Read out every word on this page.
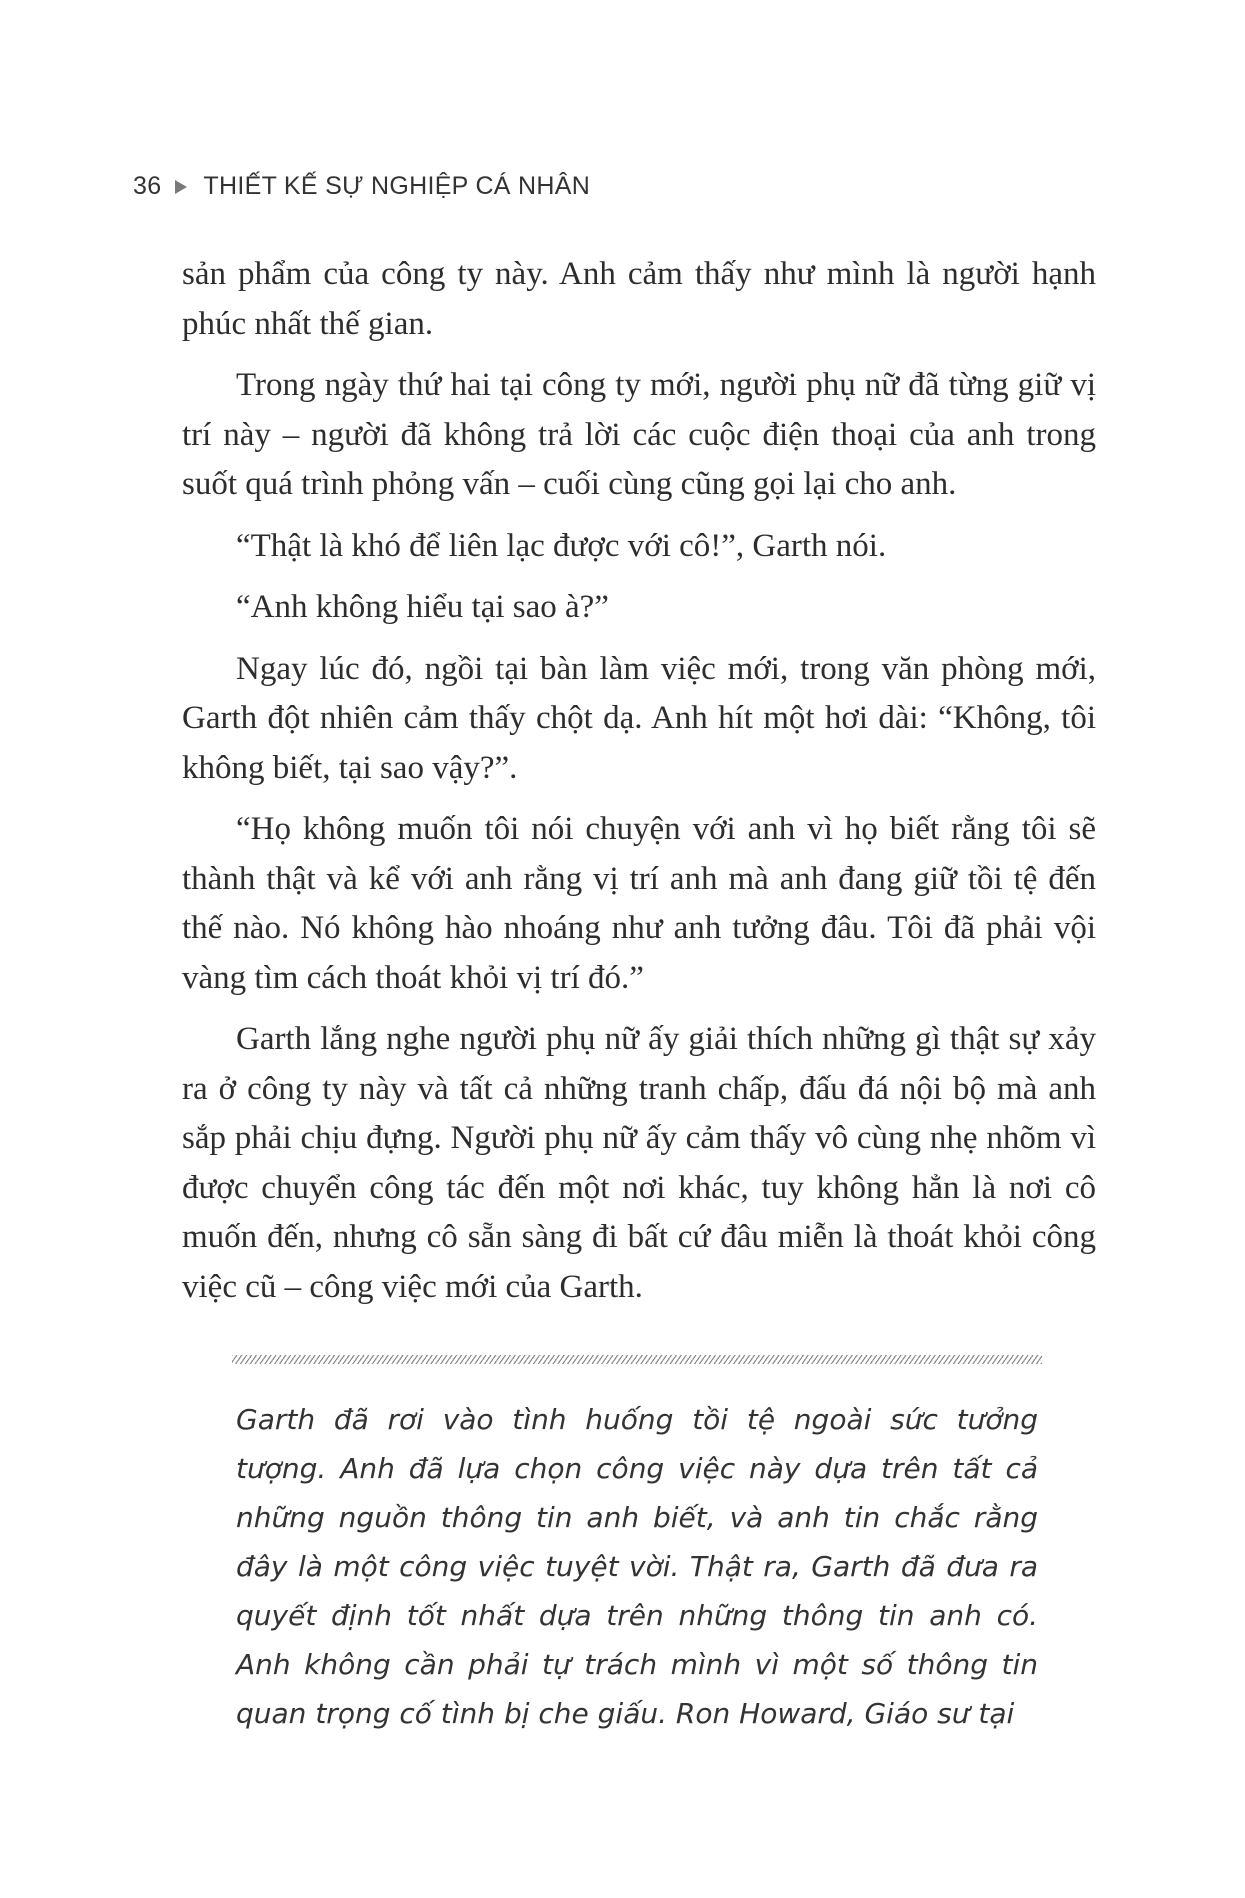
36 THIẾT KẾ SỰ NGHIỆP CÁ NHÂN

sản phẩm của công ty này. Anh cảm thấy như mình là người hạnh phúc nhất thế gian.

Trong ngày thứ hai tại công ty mới, người phụ nữ đã từng giữ vị trí này – người đã không trả lời các cuộc điện thoại của anh trong suốt quá trình phỏng vấn – cuối cùng cũng gọi lại cho anh.

“Thật là khó để liên lạc được với cô!”, Garth nói.

“Anh không hiểu tại sao à?”

Ngay lúc đó, ngồi tại bàn làm việc mới, trong văn phòng mới, Garth đột nhiên cảm thấy chột dạ. Anh hít một hơi dài: “Không, tôi không biết, tại sao vậy?”.

“Họ không muốn tôi nói chuyện với anh vì họ biết rằng tôi sẽ thành thật và kể với anh rằng vị trí anh mà anh đang giữ tồi tệ đến thế nào. Nó không hào nhoáng như anh tưởng đâu. Tôi đã phải vội vàng tìm cách thoát khỏi vị trí đó.”

Garth lắng nghe người phụ nữ ấy giải thích những gì thật sự xảy ra ở công ty này và tất cả những tranh chấp, đấu đá nội bộ mà anh sắp phải chịu đựng. Người phụ nữ ấy cảm thấy vô cùng nhẹ nhõm vì được chuyển công tác đến một nơi khác, tuy không hẳn là nơi cô muốn đến, nhưng cô sẵn sàng đi bất cứ đâu miễn là thoát khỏi công việc cũ – công việc mới của Garth.

Garth đã rơi vào tình huống tồi tệ ngoài sức tưởng tượng. Anh đã lựa chọn công việc này dựa trên tất cả những nguồn thông tin anh biết, và anh tin chắc rằng đây là một công việc tuyệt vời. Thật ra, Garth đã đưa ra quyết định tốt nhất dựa trên những thông tin anh có. Anh không cần phải tự trách mình vì một số thông tin quan trọng cố tình bị che giấu. Ron Howard, Giáo sư tại
